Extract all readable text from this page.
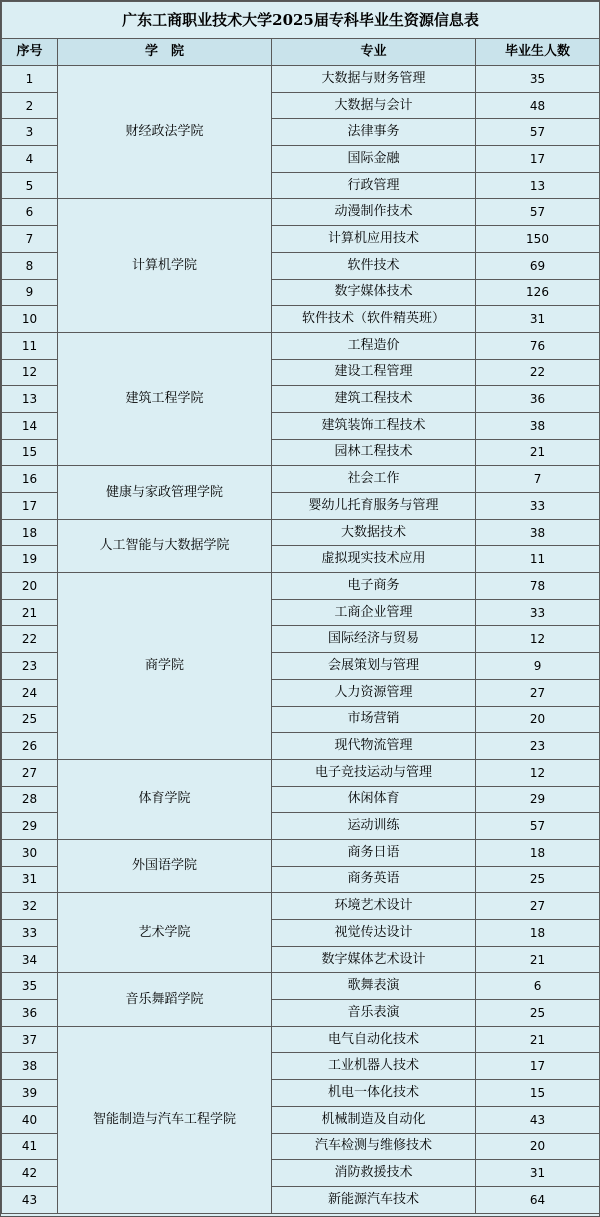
广东工商职业技术大学2025届专科毕业生资源信息表			
序号	学　院	专业	毕业生人数
1	财经政法学院	大数据与财务管理	35
2		大数据与会计	48
3		法律事务	57
4		国际金融	17
5		行政管理	13
6	计算机学院	动漫制作技术	57
7		计算机应用技术	150
8		软件技术	69
9		数字媒体技术	126
10		软件技术（软件精英班）	31
11	建筑工程学院	工程造价	76
12		建设工程管理	22
13		建筑工程技术	36
14		建筑装饰工程技术	38
15		园林工程技术	21
16	健康与家政管理学院	社会工作	7
17		婴幼儿托育服务与管理	33
18	人工智能与大数据学院	大数据技术	38
19		虚拟现实技术应用	11
20	商学院	电子商务	78
21		工商企业管理	33
22		国际经济与贸易	12
23		会展策划与管理	9
24		人力资源管理	27
25		市场营销	20
26		现代物流管理	23
27	体育学院	电子竞技运动与管理	12
28		休闲体育	29
29		运动训练	57
30	外国语学院	商务日语	18
31		商务英语	25
32	艺术学院	环境艺术设计	27
33		视觉传达设计	18
34		数字媒体艺术设计	21
35	音乐舞蹈学院	歌舞表演	6
36		音乐表演	25
37	智能制造与汽车工程学院	电气自动化技术	21
38		工业机器人技术	17
39		机电一体化技术	15
40		机械制造及自动化	43
41		汽车检测与维修技术	20
42		消防救援技术	31
43		新能源汽车技术	64
